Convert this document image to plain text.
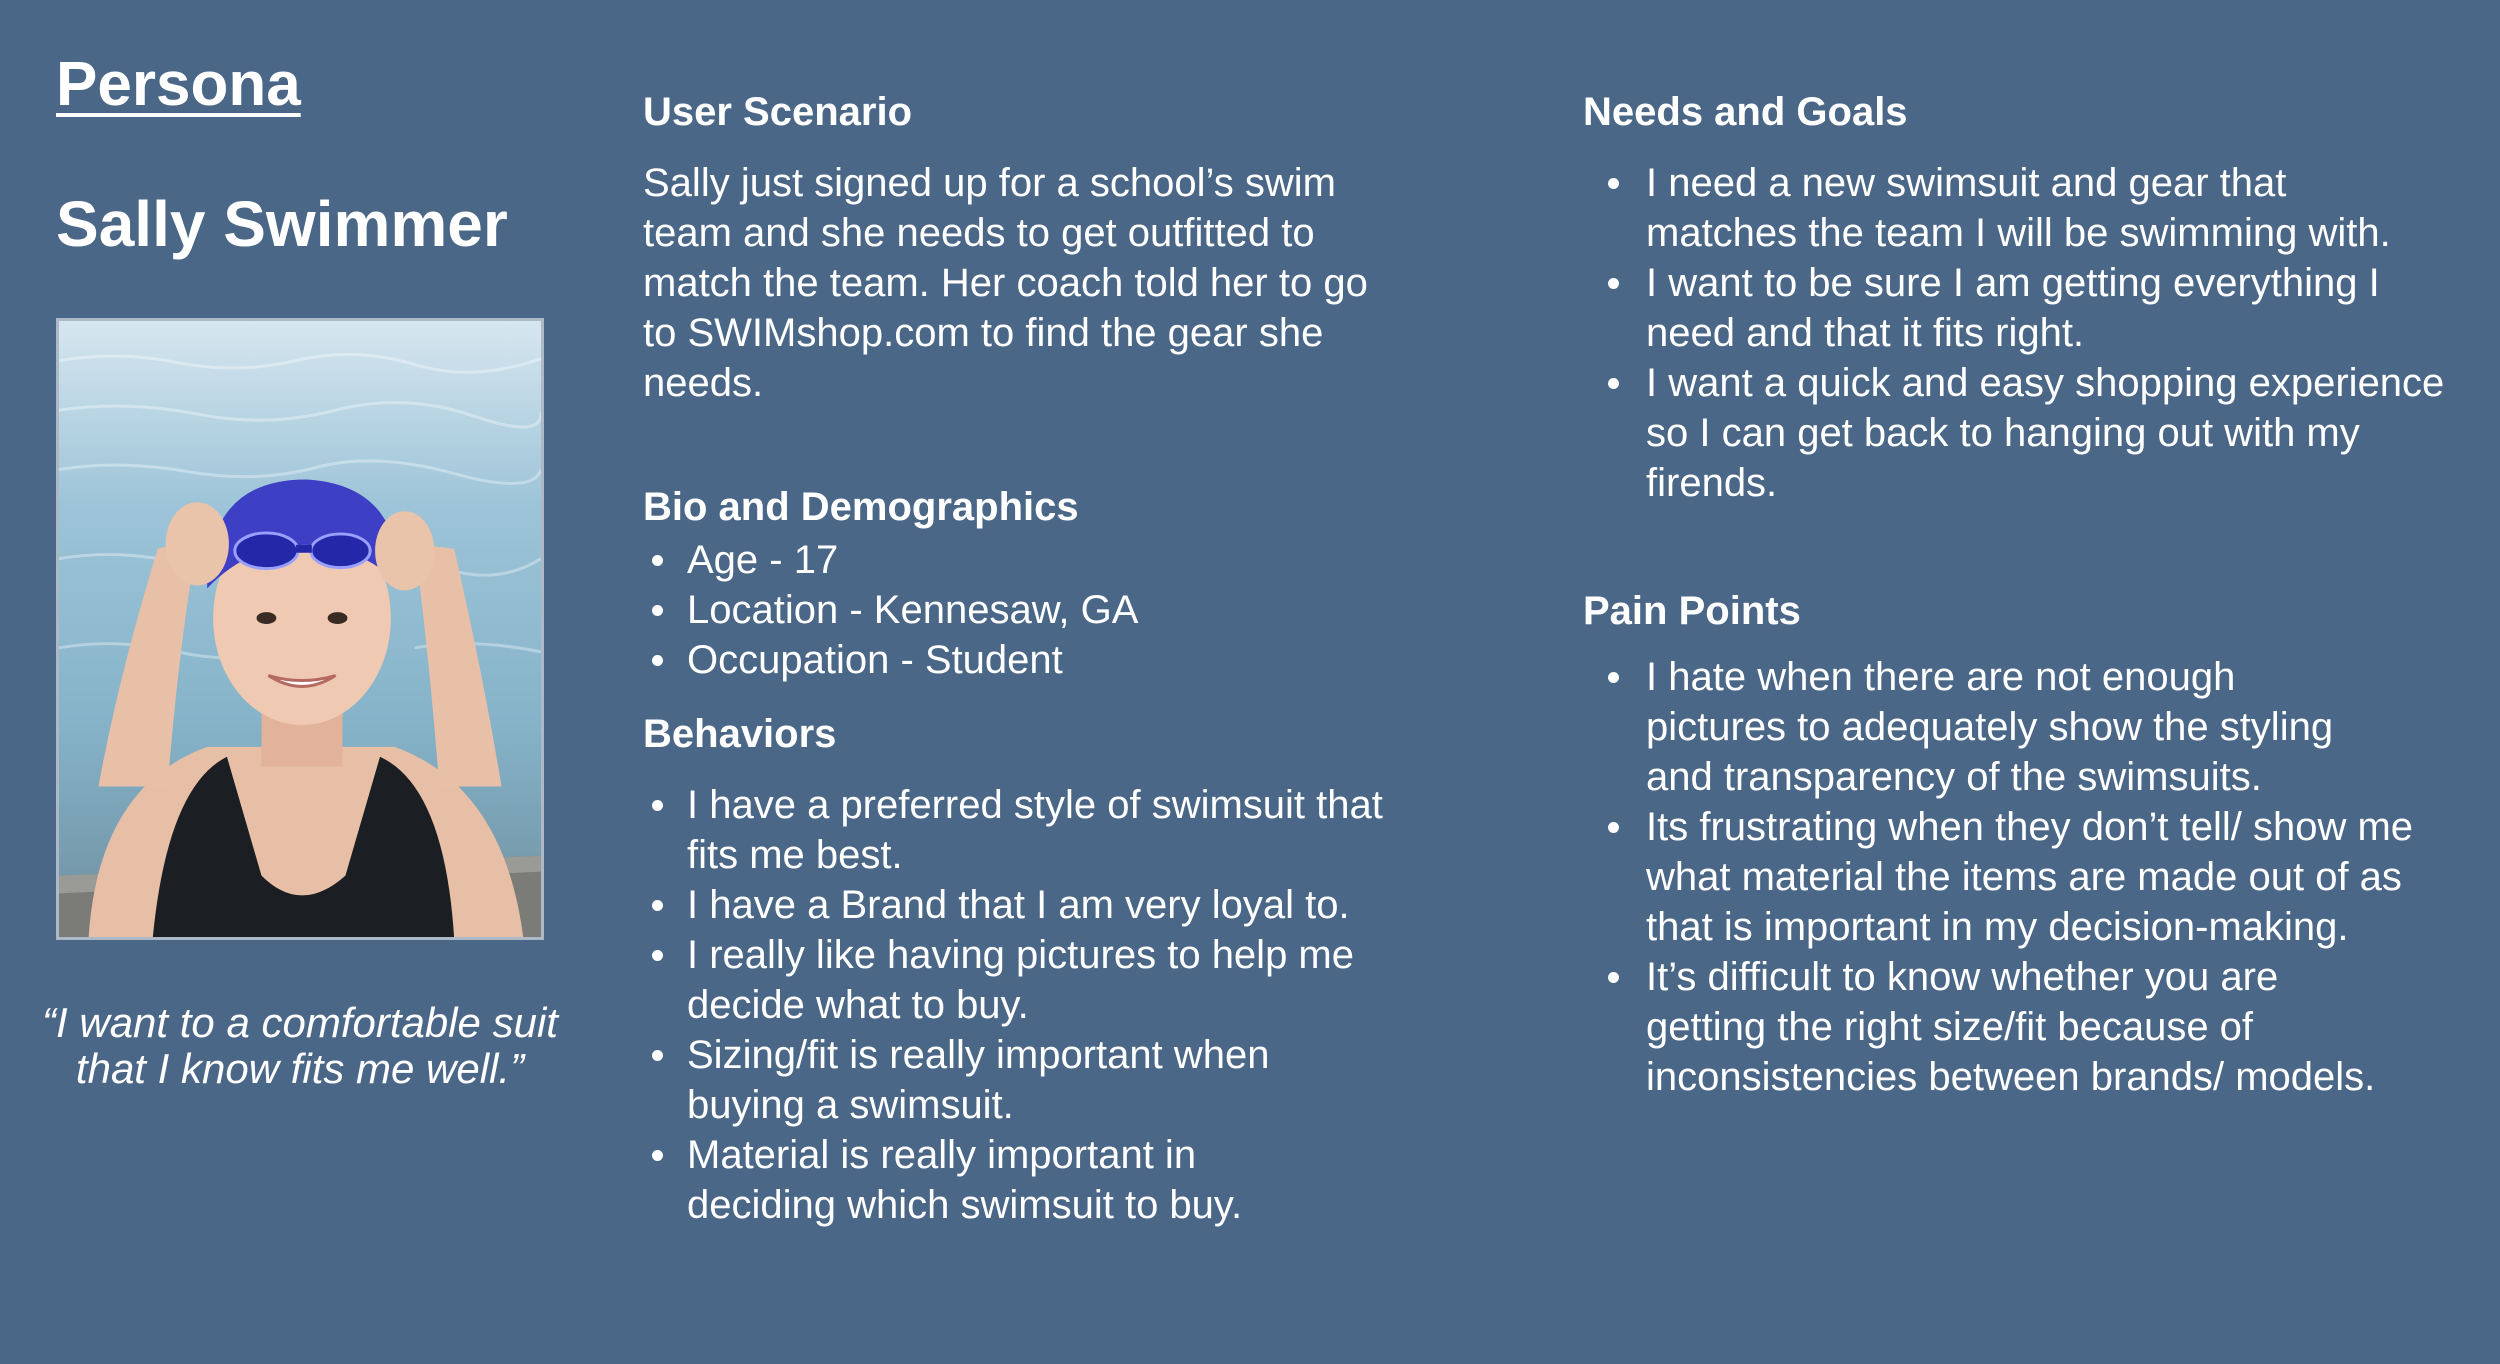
Persona
Sally Swimmer

“I want to a comfortable suit that I know fits me well.”

User Scenario

Sally just signed up for a school’s swim team and she needs to get outfitted to match the team. Her coach told her to go to SWIMshop.com to find the gear she needs.

Bio and Demographics
Age - 17
Location - Kennesaw, GA
Occupation - Student
Behaviors
I have a preferred style of swimsuit that fits me best.
I have a Brand that I am very loyal to.
I really like having pictures to help me decide what to buy.
Sizing/fit is really important when buying a swimsuit.
Material is really important in deciding which swimsuit to buy.
Needs and Goals
I need a new swimsuit and gear that matches the team I will be swimming with.
I want to be sure I am getting everything I need and that it fits right.
I want a quick and easy shopping experience so I can get back to hanging out with my firends.
Pain Points
I hate when there are not enough pictures to adequately show the styling and transparency of the swimsuits.
Its frustrating when they don’t tell/ show me what material the items are made out of as that is important in my decision-making.
It’s difficult to know whether you are getting the right size/fit because of inconsistencies between brands/ models.
